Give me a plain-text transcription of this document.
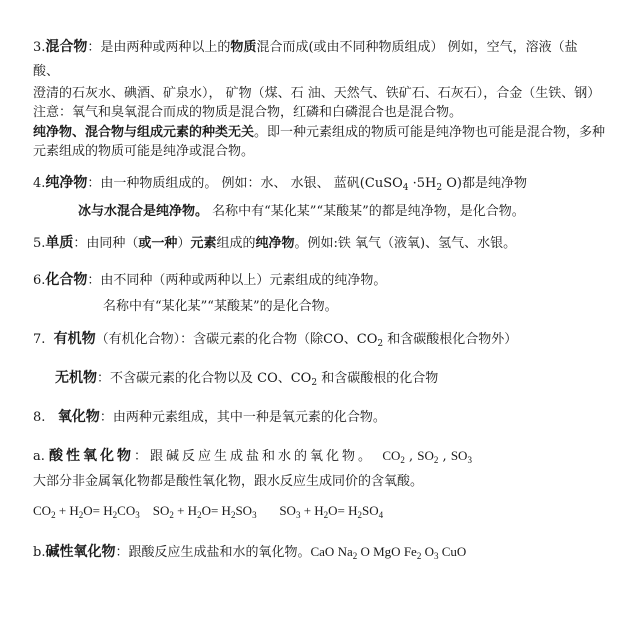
3.混合物：是由两种或两种以上的物质混合而成(或由不同种物质组成） 例如，空气，溶液（盐
酸、
澄清的石灰水、碘酒、矿泉水）， 矿物（煤、石 油、天然气、铁矿石、石灰石），合金（生铁、钢）
注意：氧气和臭氧混合而成的物质是混合物，红磷和白磷混合也是混合物。
纯净物、混合物与组成元素的种类无关。即一种元素组成的物质可能是纯净物也可能是混合物，多种
元素组成的物质可能是纯净或混合物。
4.纯净物：由一种物质组成的。 例如：水、 水银、 蓝矾(CuSO$_4$ $\cdot 5H_2$ O)都是纯净物
冰与水混合是纯净物。 名称中有“某化某”“某酸某”的都是纯净物，是化合物。
5.单质：由同种（或一种）元素组成的纯净物。例如:铁 氧气（液氧)、氢气、水银。
6.化合物：由不同种（两种或两种以上）元素组成的纯净物。
名称中有“某化某”“某酸某”的是化合物。
7. 有机物（有机化合物）：含碳元素的化合物（除CO、$CO_2$ 和含碳酸根化合物外）
无机物：不含碳元素的化合物以及 CO、$CO_2$ 和含碳酸根的化合物
8. 氧化物：由两种元素组成，其中一种是氧元素的化合物。
a. 酸性氧化物：跟碱反应生成盐和水的氧化物。 $CO_2$ , $SO_2$ , $SO_3$
大部分非金属氧化物都是酸性氧化物，跟水反应生成同价的含氧酸。
$CO_2 + H_2O= H_2CO_3$ $SO_2 + H_2O= H_2SO_3$ $SO_3 + H_2O= H_2SO_4$
b.碱性氧化物：跟酸反应生成盐和水的氧化物。CaO $Na_2$ O MgO $Fe_2$ $O_3$ CuO
